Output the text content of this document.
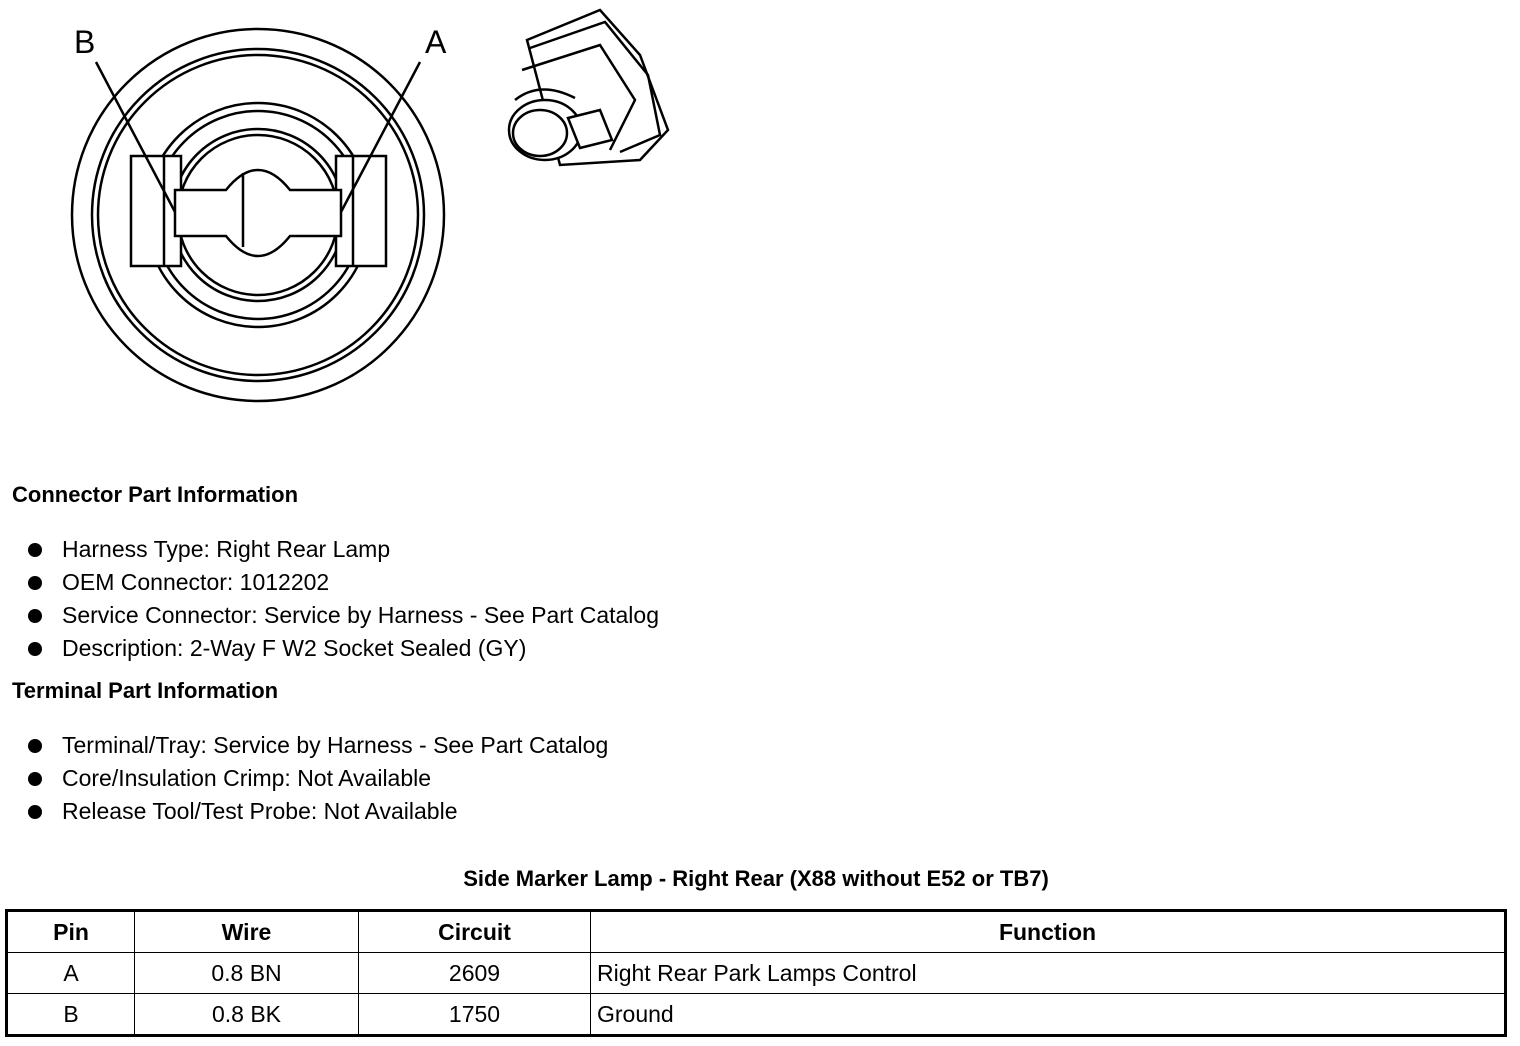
B	A
Connector Part Information
Harness Type: Right Rear Lamp
OEM Connector: 1012202
Service Connector: Service by Harness - See Part Catalog
Description: 2-Way F W2 Socket Sealed (GY)
Terminal Part Information
Terminal/Tray: Service by Harness - See Part Catalog
Core/Insulation Crimp: Not Available
Release Tool/Test Probe: Not Available
Side Marker Lamp - Right Rear (X88 without E52 or TB7)
Pin	Wire	Circuit	Function
A	0.8 BN	2609	Right Rear Park Lamps Control
B	0.8 BK	1750	Ground
